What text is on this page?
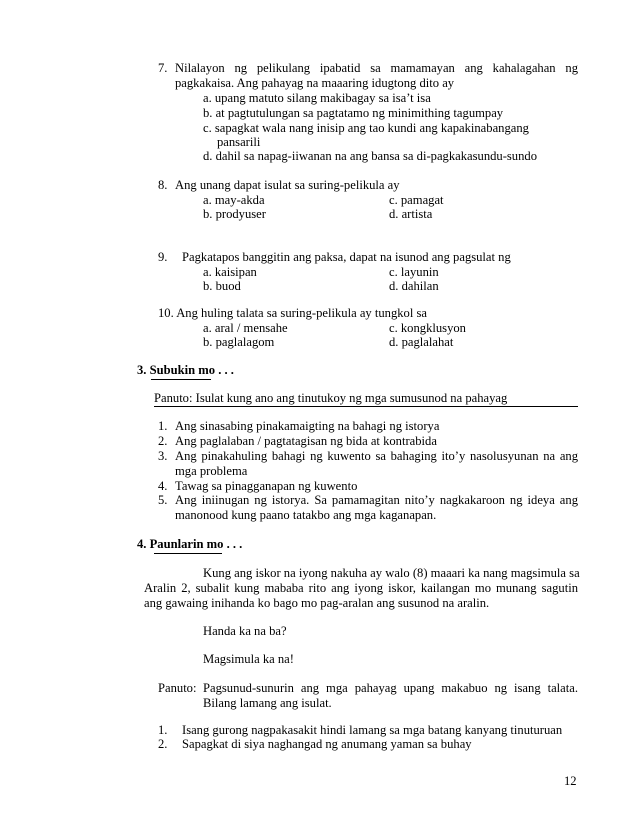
7. Nilalayon ng pelikulang ipabatid sa mamamayan ang kahalagahan ng
pagkakaisa. Ang pahayag na maaaring idugtong dito ay
a. upang matuto silang makibagay sa isa’t isa
b. at pagtutulungan sa pagtatamo ng minimithing tagumpay
c. sapagkat wala nang inisip ang tao kundi ang kapakinabangang
pansarili
d. dahil sa napag-iiwanan na ang bansa sa di-pagkakasundu-sundo
8. Ang unang dapat isulat sa suring-pelikula ay
a. may-akda	c. pamagat
b. prodyuser	d. artista
9. Pagkatapos banggitin ang paksa, dapat na isunod ang pagsulat ng
a. kaisipan	c. layunin
b. buod	d. dahilan
10. Ang huling talata sa suring-pelikula ay tungkol sa
a. aral / mensahe	c. kongklusyon
b. paglalagom	d. paglalahat
3. Subukin mo . . .
Panuto: Isulat kung ano ang tinutukoy ng mga sumusunod na pahayag
1. Ang sinasabing pinakamaigting na bahagi ng istorya
2. Ang paglalaban / pagtatagisan ng bida at kontrabida
3. Ang pinakahuling bahagi ng kuwento sa bahaging ito’y nasolusyunan na ang
mga problema
4. Tawag sa pinagganapan ng kuwento
5. Ang iniinugan ng istorya. Sa pamamagitan nito’y nagkakaroon ng ideya ang
manonood kung paano tatakbo ang mga kaganapan.
4. Paunlarin mo . . .
Kung ang iskor na iyong nakuha ay walo (8) maaari ka nang magsimula sa
Aralin 2, subalit kung mababa rito ang iyong iskor, kailangan mo munang sagutin
ang gawaing inihanda ko bago mo pag-aralan ang susunod na aralin.
Handa ka na ba?
Magsimula ka na!
Panuto: Pagsunud-sunurin ang mga pahayag upang makabuo ng isang talata.
Bilang lamang ang isulat.
1. Isang gurong nagpakasakit hindi lamang sa mga batang kanyang tinuturuan
2. Sapagkat di siya naghangad ng anumang yaman sa buhay
12
